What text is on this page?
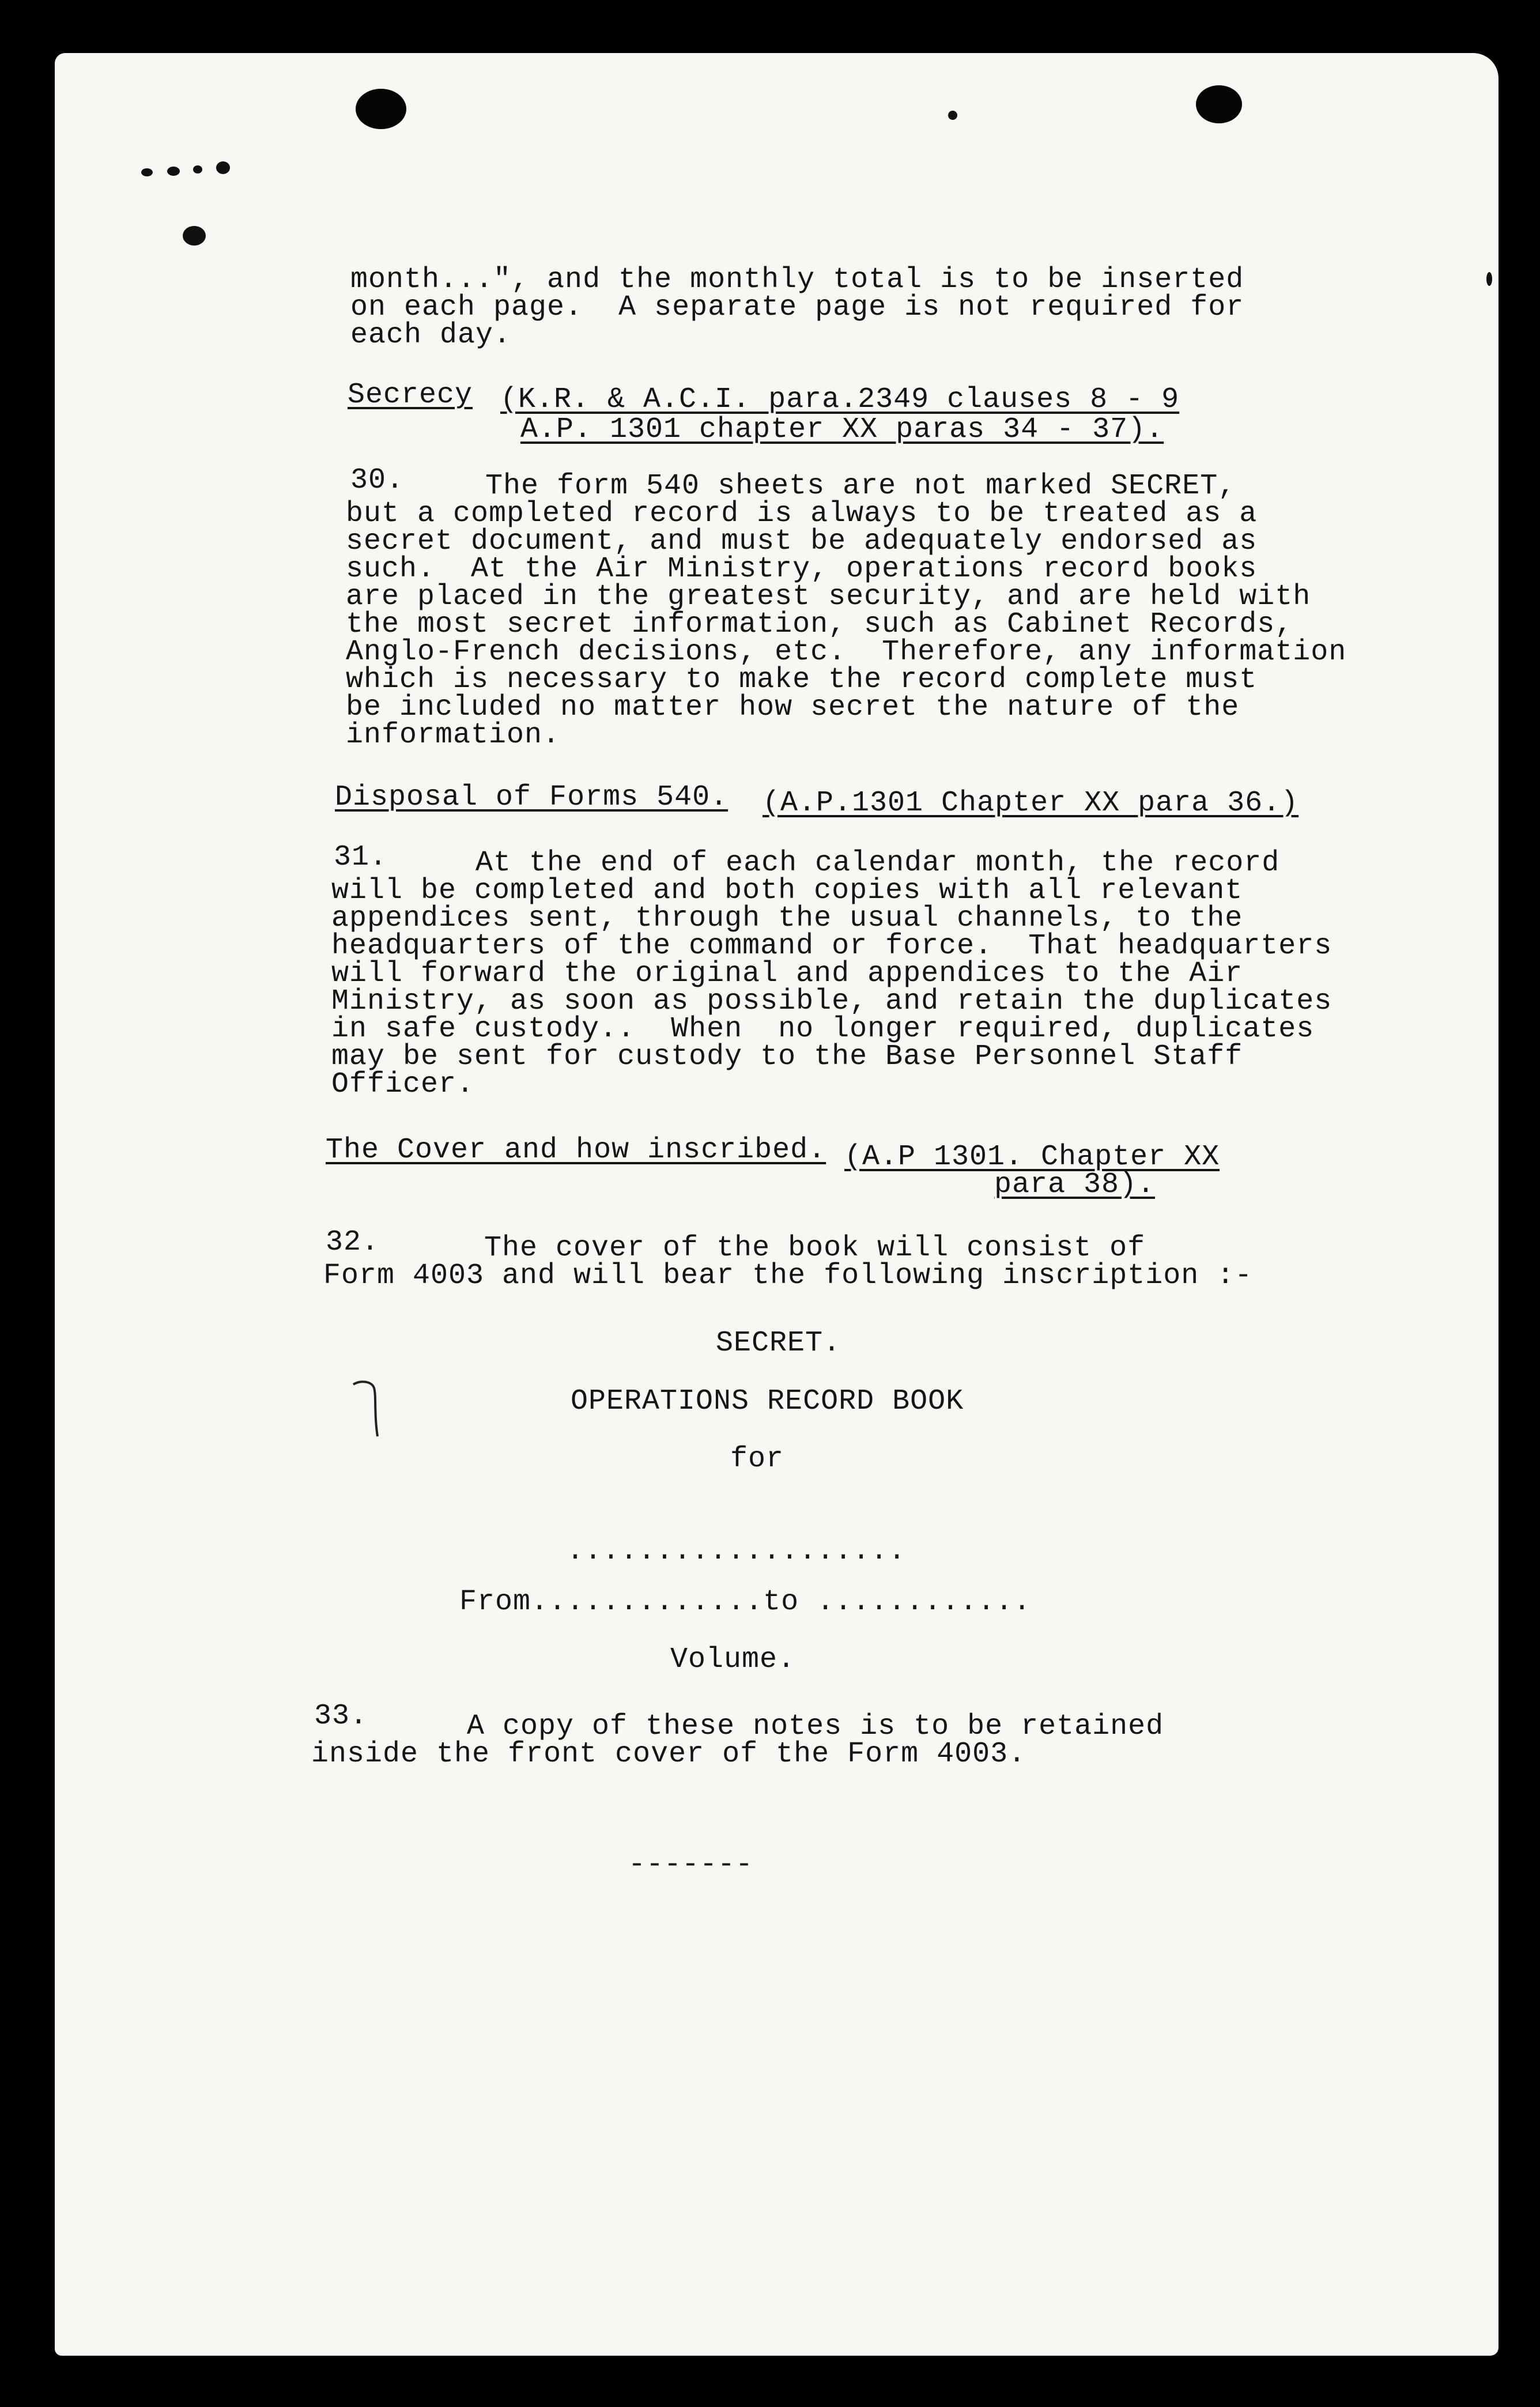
month...", and the monthly total is to be inserted
on each page.  A separate page is not required for
each day.
Secrecy (K.R. & A.C.I. para.2349 clauses 8 - 9
A.P. 1301 chapter XX paras 34 - 37).
30.	The form 540 sheets are not marked SECRET,
but a completed record is always to be treated as a
secret document, and must be adequately endorsed as
such.  At the Air Ministry, operations record books
are placed in the greatest security, and are held with
the most secret information, such as Cabinet Records,
Anglo-French decisions, etc.  Therefore, any information
which is necessary to make the record complete must
be included no matter how secret the nature of the
information.
Disposal of Forms 540. (A.P.1301 Chapter XX para 36.)
31.	At the end of each calendar month, the record
will be completed and both copies with all relevant
appendices sent, through the usual channels, to the
headquarters of the command or force.  That headquarters
will forward the original and appendices to the Air
Ministry, as soon as possible, and retain the duplicates
in safe custody..  When  no longer required, duplicates
may be sent for custody to the Base Personnel Staff
Officer.
The Cover and how inscribed. (A.P 1301. Chapter XX
para 38).
32.	The cover of the book will consist of
Form 4003 and will bear the following inscription :-
SECRET.
OPERATIONS RECORD BOOK
for
...................
From.............to ............
Volume.
33.	A copy of these notes is to be retained
inside the front cover of the Form 4003.
-------
